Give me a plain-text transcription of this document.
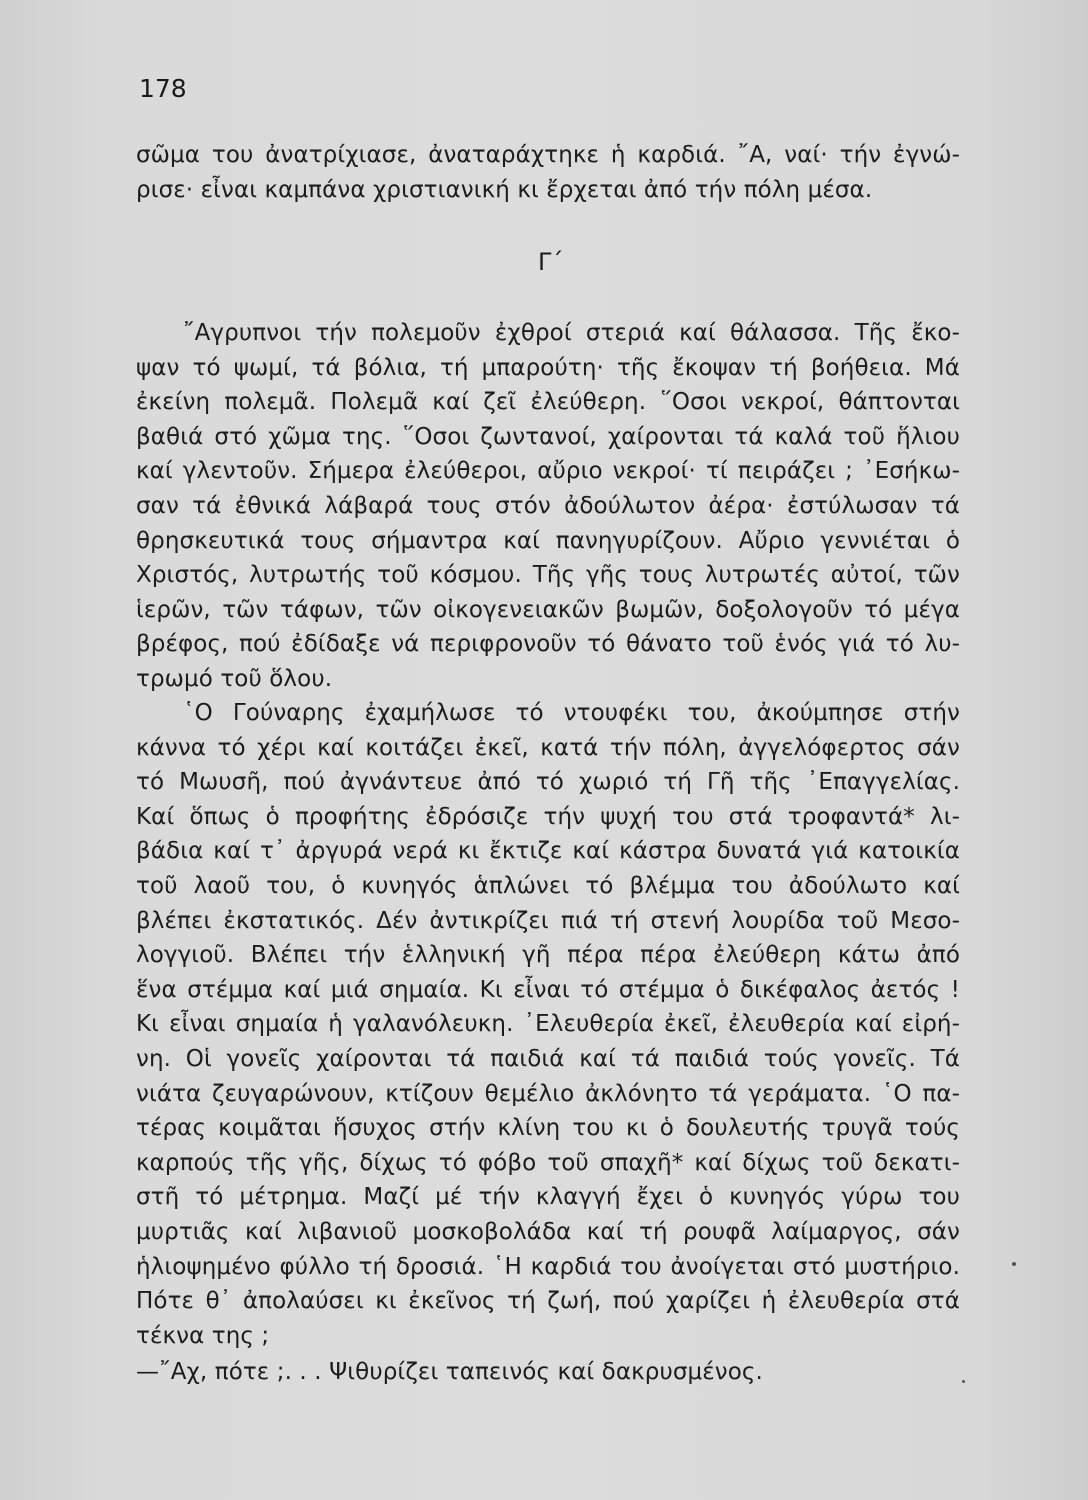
178
σῶμα του ἀνατρίχιασε, ἀναταράχτηκε ἡ καρδιά. ῎Α, ναί· τήν ἐγνώ-
ρισε· εἶναι καμπάνα χριστιανική κι ἔρχεται ἀπό τήν πόλη μέσα.
Γ΄
῎Αγρυπνοι τήν πολεμοῦν ἐχθροί στεριά καί θάλασσα. Τῆς ἔκο-
ψαν τό ψωμί, τά βόλια, τή μπαρούτη· τῆς ἔκοψαν τή βοήθεια. Μά
ἐκείνη πολεμᾶ. Πολεμᾶ καί ζεῖ ἐλεύθερη. ῞Οσοι νεκροί, θάπτονται
βαθιά στό χῶμα της. ῞Οσοι ζωντανοί, χαίρονται τά καλά τοῦ ἥλιου
καί γλεντοῦν. Σήμερα ἐλεύθεροι, αὔριο νεκροί· τί πειράζει ; ᾿Εσήκω-
σαν τά ἐθνικά λάβαρά τους στόν ἀδούλωτον ἀέρα· ἐστύλωσαν τά
θρησκευτικά τους σήμαντρα καί πανηγυρίζουν. Αὔριο γεννιέται ὁ
Χριστός, λυτρωτής τοῦ κόσμου. Τῆς γῆς τους λυτρωτές αὐτοί, τῶν
ἱερῶν, τῶν τάφων, τῶν οἰκογενειακῶν βωμῶν, δοξολογοῦν τό μέγα
βρέφος, πού ἐδίδαξε νά περιφρονοῦν τό θάνατο τοῦ ἑνός γιά τό λυ-
τρωμό τοῦ ὅλου.
῾Ο Γούναρης ἐχαμήλωσε τό ντουφέκι του, ἀκούμπησε στήν
κάννα τό χέρι καί κοιτάζει ἐκεῖ, κατά τήν πόλη, ἀγγελόφερτος σάν
τό Μωυσῆ, πού ἀγνάντευε ἀπό τό χωριό τή Γῆ τῆς ᾿Επαγγελίας.
Καί ὅπως ὁ προφήτης ἐδρόσιζε τήν ψυχή του στά τροφαντά* λι-
βάδια καί τ᾿ ἀργυρά νερά κι ἔκτιζε καί κάστρα δυνατά γιά κατοικία
τοῦ λαοῦ του, ὁ κυνηγός ἁπλώνει τό βλέμμα του ἀδούλωτο καί
βλέπει ἐκστατικός. Δέν ἀντικρίζει πιά τή στενή λουρίδα τοῦ Μεσο-
λογγιοῦ. Βλέπει τήν ἑλληνική γῆ πέρα πέρα ἐλεύθερη κάτω ἀπό
ἕνα στέμμα καί μιά σημαία. Κι εἶναι τό στέμμα ὁ δικέφαλος ἀετός !
Κι εἶναι σημαία ἡ γαλανόλευκη. ᾿Ελευθερία ἐκεῖ, ἐλευθερία καί εἰρή-
νη. Οἱ γονεῖς χαίρονται τά παιδιά καί τά παιδιά τούς γονεῖς. Τά
νιάτα ζευγαρώνουν, κτίζουν θεμέλιο ἀκλόνητο τά γεράματα. ῾Ο πα-
τέρας κοιμᾶται ἥσυχος στήν κλίνη του κι ὁ δουλευτής τρυγᾶ τούς
καρπούς τῆς γῆς, δίχως τό φόβο τοῦ σπαχῆ* καί δίχως τοῦ δεκατι-
στῆ τό μέτρημα. Μαζί μέ τήν κλαγγή ἔχει ὁ κυνηγός γύρω του
μυρτιᾶς καί λιβανιοῦ μοσκοβολάδα καί τή ρουφᾶ λαίμαργος, σάν
ἡλιοψημένο φύλλο τή δροσιά. ῾Η καρδιά του ἀνοίγεται στό μυστήριο.
Πότε θ᾿ ἀπολαύσει κι ἐκεῖνος τή ζωή, πού χαρίζει ἡ ἐλευθερία στά
τέκνα της ;
—῎Αχ, πότε ;. . . Ψιθυρίζει ταπεινός καί δακρυσμένος.
